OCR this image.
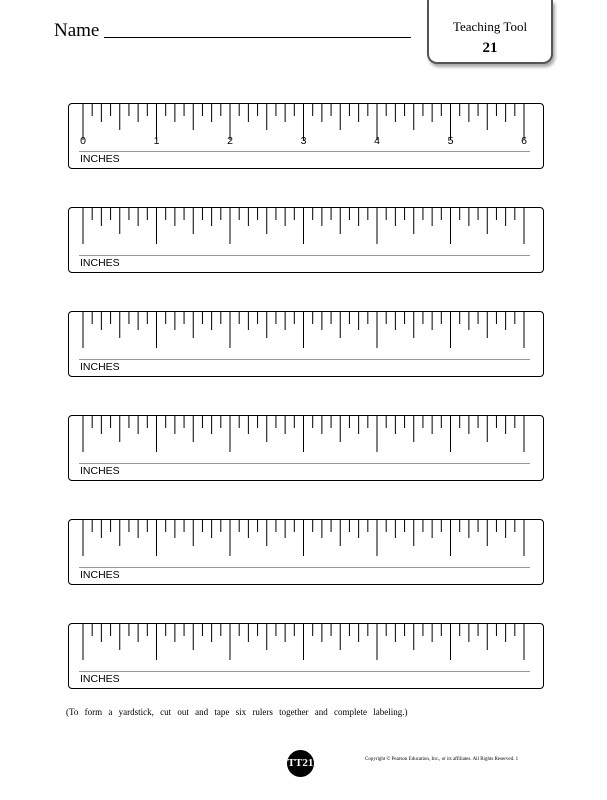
Name	Teaching Tool
21
0	1	2	3	4	5	6
INCHES
INCHES
INCHES
INCHES
INCHES
INCHES
(To form a yardstick, cut out and tape six rulers together and complete labeling.)
TT21	Copyright © Pearson Education, Inc., or its affiliates. All Rights Reserved. 1
